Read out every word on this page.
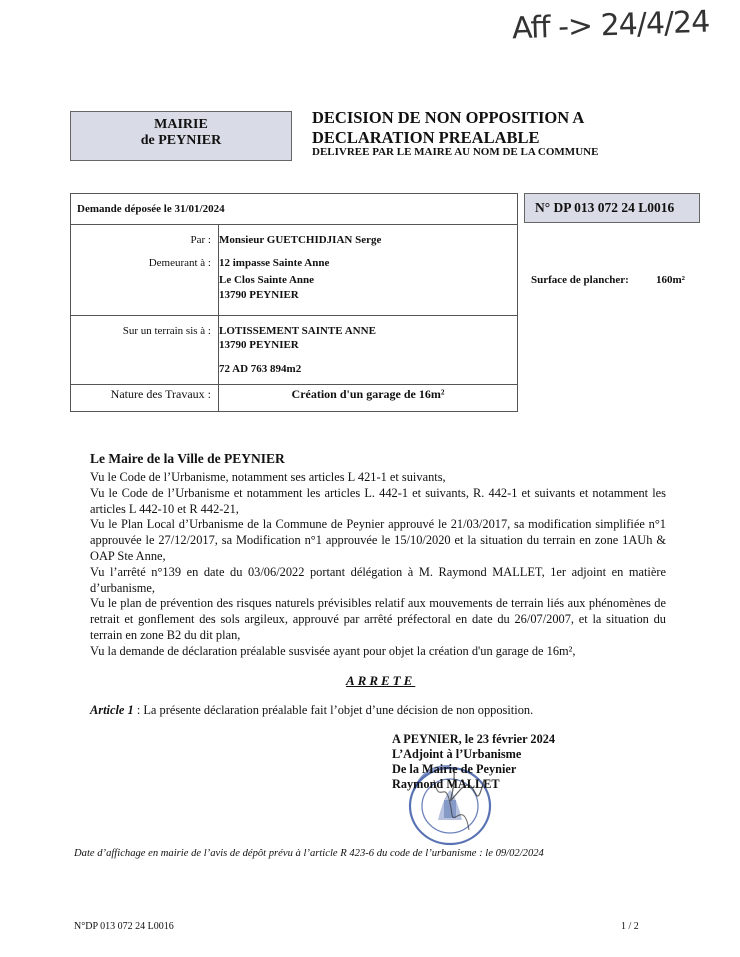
Aff -> 24/4/24
MAIRIE
de PEYNIER
DECISION DE NON OPPOSITION A
DECLARATION PREALABLE
DELIVREE PAR LE MAIRE AU NOM DE LA COMMUNE
Demande déposée le 31/01/2024
Par : Monsieur GUETCHIDJIAN Serge
Demeurant à : 12 impasse Sainte Anne
Le Clos Sainte Anne
13790 PEYNIER
Sur un terrain sis à : LOTISSEMENT SAINTE ANNE
13790 PEYNIER
72 AD 763 894m2
Nature des Travaux :	Création d'un garage de 16m²
N° DP 013 072 24 L0016
Surface de plancher: 160m²
Le Maire de la Ville de PEYNIER

Vu le Code de l’Urbanisme, notamment ses articles L 421-1 et suivants,

Vu le Code de l’Urbanisme et notamment les articles L. 442-1 et suivants, R. 442-1 et suivants et notamment les articles L 442-10 et R 442-21,

Vu le Plan Local d’Urbanisme de la Commune de Peynier approuvé le 21/03/2017, sa modification simplifiée n°1 approuvée le 27/12/2017, sa Modification n°1 approuvée le 15/10/2020 et la situation du terrain en zone 1AUh & OAP Ste Anne,

Vu l’arrêté n°139 en date du 03/06/2022 portant délégation à M. Raymond MALLET, 1er adjoint en matière d’urbanisme,

Vu le plan de prévention des risques naturels prévisibles relatif aux mouvements de terrain liés aux phénomènes de retrait et gonflement des sols argileux, approuvé par arrêté préfectoral en date du 26/07/2007, et la situation du terrain en zone B2 du dit plan,

Vu la demande de déclaration préalable susvisée ayant pour objet la création d'un garage de 16m²,

ARRETE
Article 1 : La présente déclaration préalable fait l’objet d’une décision de non opposition.
A PEYNIER, le 23 février 2024
L’Adjoint à l’Urbanisme
De la Mairie de Peynier
Raymond MALLET
Date d’affichage en mairie de l’avis de dépôt prévu à l’article R 423-6 du code de l’urbanisme : le 09/02/2024
N°DP 013 072 24 L0016	1 / 2
